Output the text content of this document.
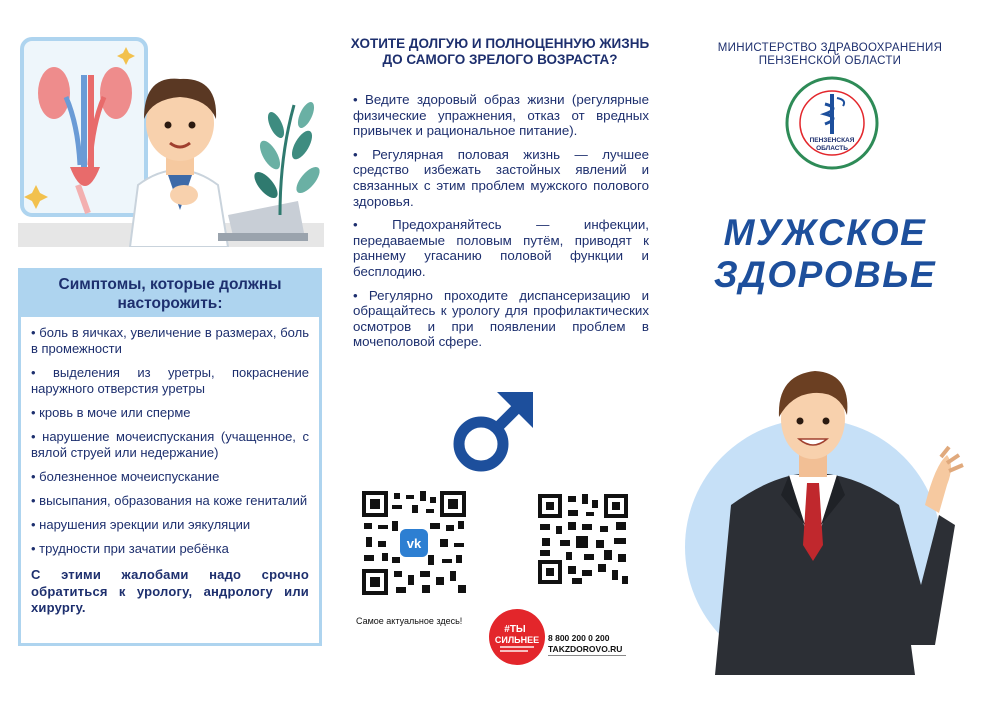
Симптомы, которые должны насторожить:
• боль в яичках, увеличение в размерах, боль в промежности
• выделения из уретры, покраснение наружного отверстия уретры
• кровь в моче или сперме
• нарушение мочеиспускания (учащенное, с вялой струей или недержание)
• болезненное мочеиспускание
• высыпания, образования на коже гениталий
• нарушения эрекции или эякуляции
• трудности при зачатии ребёнка
С этими жалобами надо срочно обратиться к урологу, андрологу или хирургу.
ХОТИТЕ ДОЛГУЮ И ПОЛНОЦЕННУЮ ЖИЗНЬ ДО САМОГО ЗРЕЛОГО ВОЗРАСТА?
• Ведите здоровый образ жизни (регулярные физические упражнения, отказ от вредных привычек и рациональное питание).
• Регулярная половая жизнь — лучшее средство избежать застойных явлений и связанных с этим проблем мужского полового здоровья.
• Предохраняйтесь — инфекции, передаваемые половым путём, приводят к раннему угасанию половой функции и бесплодию.
• Регулярно проходите диспансеризацию и обращайтесь к урологу для профилактических осмотров и при появлении проблем в мочеполовой сфере.
vk
Самое актуальное здесь!
#ТЫ
СИЛЬНЕЕ 8 800 200 0 200
TAKZDOROVO.RU
МИНИСТЕРСТВО ЗДРАВООХРАНЕНИЯ
ПЕНЗЕНСКОЙ ОБЛАСТИ
ПЕНЗЕНСКАЯ
ОБЛАСТЬ
МУЖСКОЕ
ЗДОРОВЬЕ
